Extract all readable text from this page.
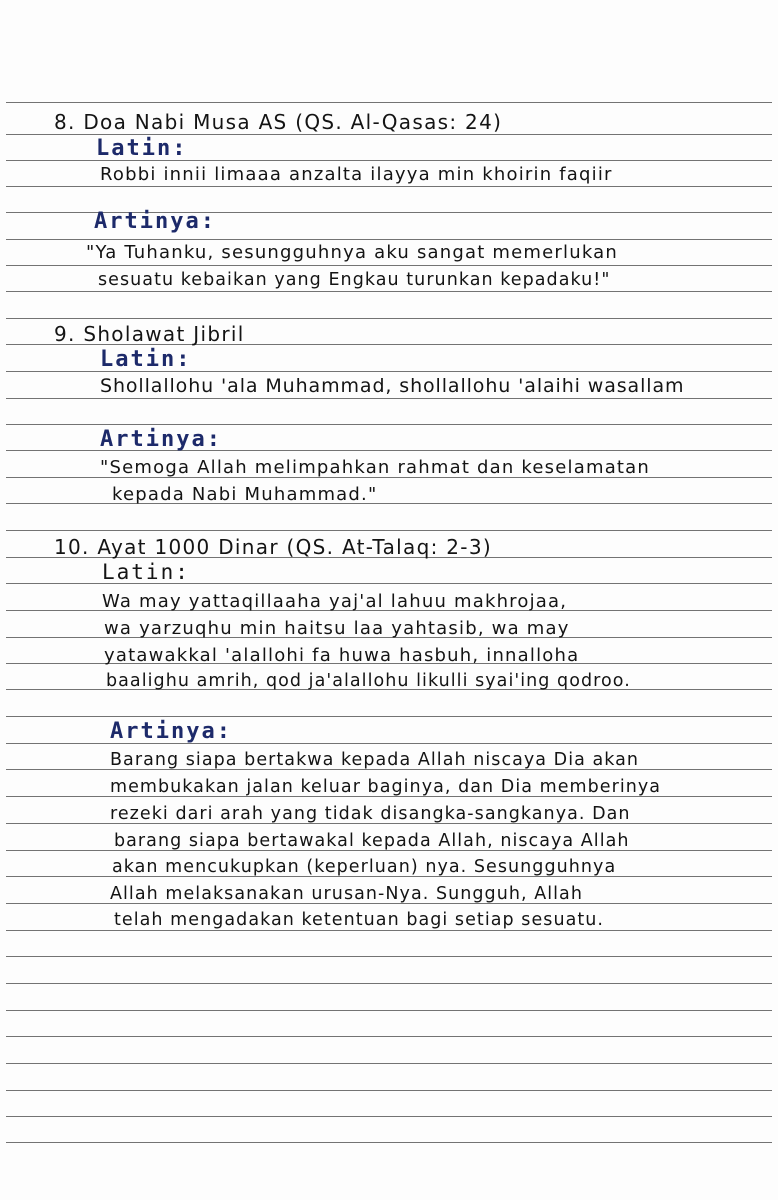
8. Doa Nabi Musa AS (QS. Al-Qasas: 24)
Latin:
Robbi innii limaaa anzalta ilayya min khoirin faqiir
Artinya:
"Ya Tuhanku, sesungguhnya aku sangat memerlukan
sesuatu kebaikan yang Engkau turunkan kepadaku!"
9. Sholawat Jibril
Latin:
Shollallohu 'ala Muhammad, shollallohu 'alaihi wasallam
Artinya:
"Semoga Allah melimpahkan rahmat dan keselamatan
kepada Nabi Muhammad."
10. Ayat 1000 Dinar (QS. At-Talaq: 2-3)
Latin:
Wa may yattaqillaaha yaj'al lahuu makhrojaa,
wa yarzuqhu min haitsu laa yahtasib, wa may
yatawakkal 'alallohi fa huwa hasbuh, innalloha
baalighu amrih, qod ja'alallohu likulli syai'ing qodroo.
Artinya:
Barang siapa bertakwa kepada Allah niscaya Dia akan
membukakan jalan keluar baginya, dan Dia memberinya
rezeki dari arah yang tidak disangka-sangkanya. Dan
barang siapa bertawakal kepada Allah, niscaya Allah
akan mencukupkan (keperluan) nya. Sesungguhnya
Allah melaksanakan urusan-Nya. Sungguh, Allah
telah mengadakan ketentuan bagi setiap sesuatu.
